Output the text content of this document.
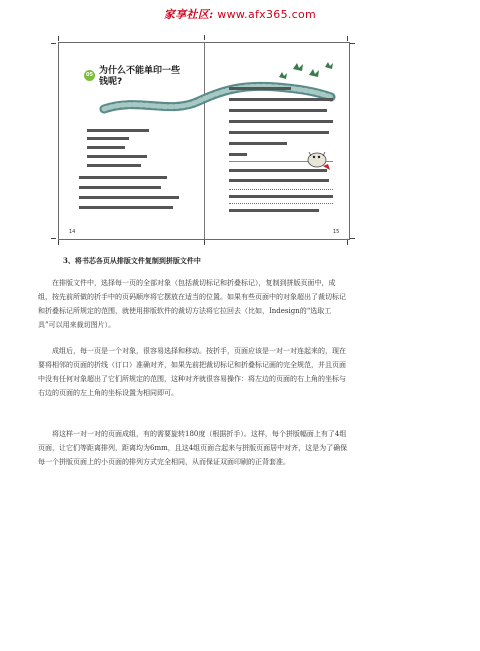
家享社区: www.afx365.com
05 为什么不能单印一些
钱呢?
14	15
3、将书芯各页从排版文件复制到拼版文件中

在排版文件中，选择每一页的全部对象（包括裁切标记和折叠标记），复制到拼版页面中，成组，按先前所做的折手中的页码顺序将它摆放在适当的位置。如果有些页面中的对象超出了裁切标记和折叠标记所规定的范围，就使用排版软件的裁切方法将它拉回去（比如，Indesign的“选取工具”可以用来裁切图片）。

成组后，每一页是一个对象，很容易选择和移动。按折手，页面应该是一对一对连起来的，现在要将相邻的页面的折线（订口）准确对齐，如果先前把裁切标记和折叠标记画的完全规范，并且页面中没有任何对象超出了它们所规定的范围，这种对齐就很容易操作：将左边的页面的右上角的坐标与右边的页面的左上角的坐标设置为相同即可。

将这样一对一对的页面成组，有的需要旋转180度（根据折手）。这样，每个拼版幅面上有了4组页面，让它们等距离排列，距离均为6mm，且这4组页面合起来与拼版页面居中对齐，这是为了确保每一个拼版页面上的小页面的排列方式完全相同，从而保证双面印刷的正背套准。
